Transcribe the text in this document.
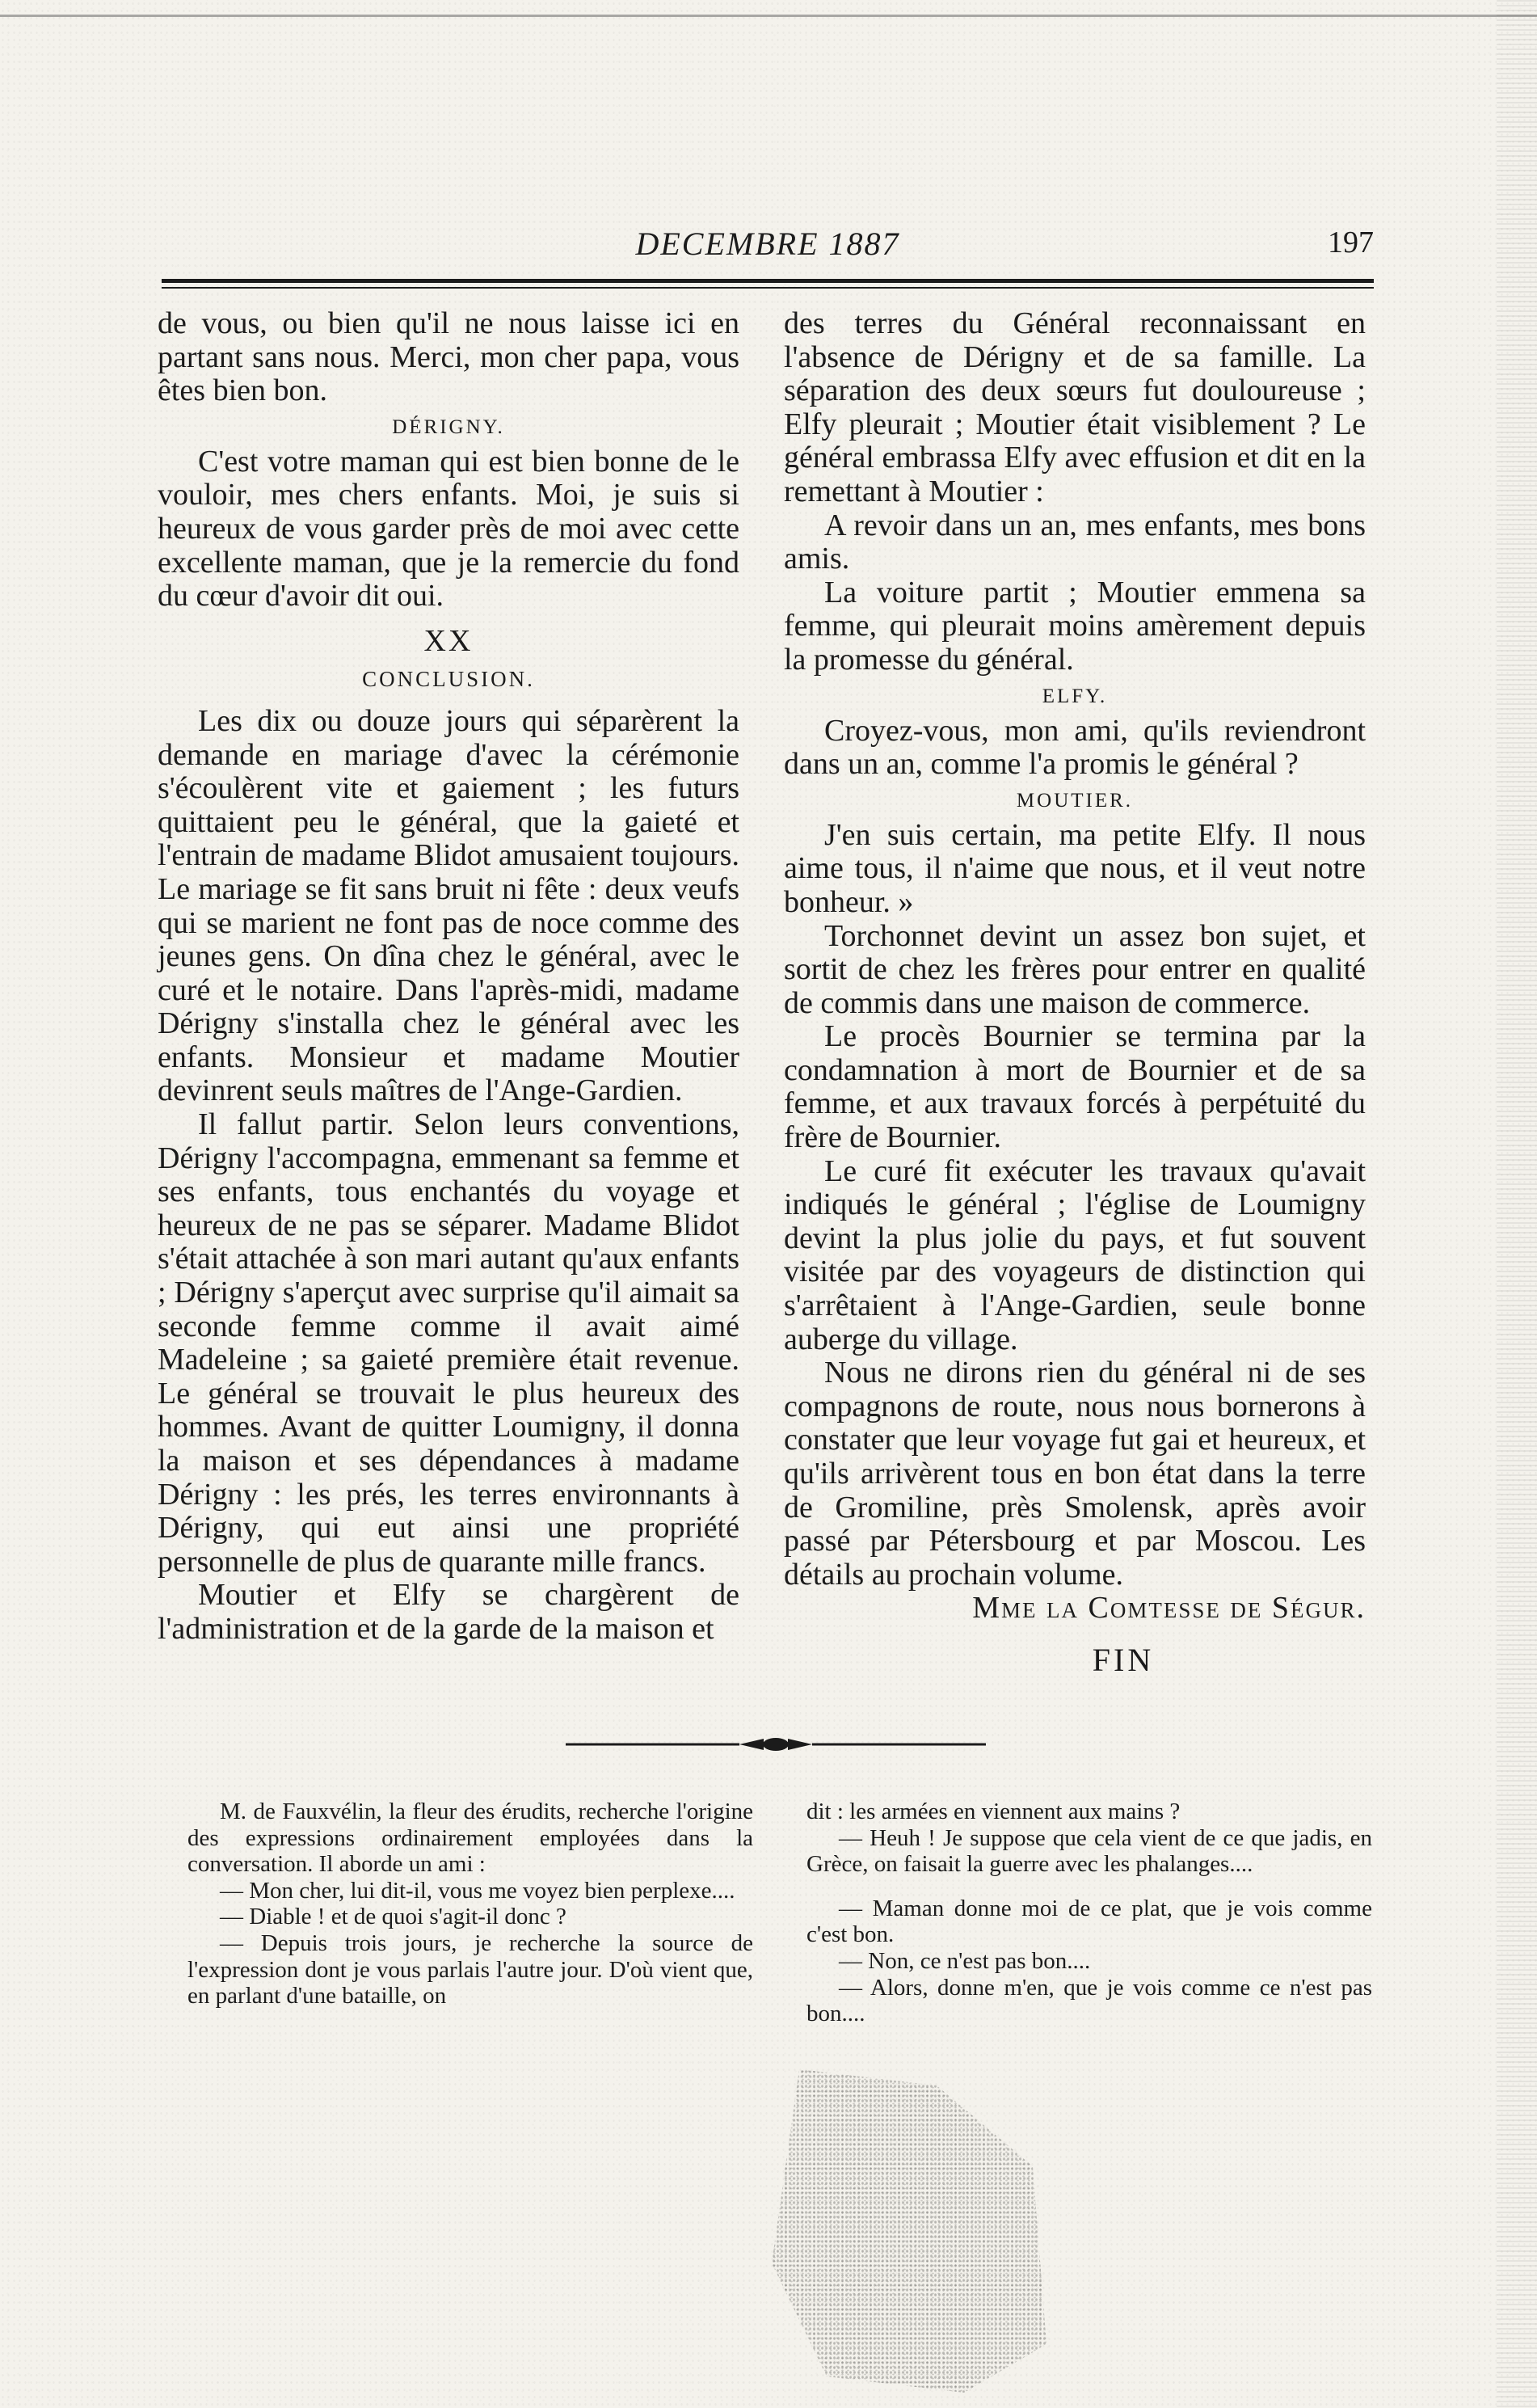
DECEMBRE 1887	197

de vous, ou bien qu'il ne nous laisse ici en partant sans nous. Merci, mon cher papa, vous êtes bien bon.

DÉRIGNY.

C'est votre maman qui est bien bonne de le vouloir, mes chers enfants. Moi, je suis si heureux de vous garder près de moi avec cette excellente maman, que je la remercie du fond du cœur d'avoir dit oui.

XX

CONCLUSION.

Les dix ou douze jours qui séparèrent la demande en mariage d'avec la cérémonie s'écoulèrent vite et gaiement ; les futurs quittaient peu le général, que la gaieté et l'entrain de madame Blidot amusaient toujours. Le mariage se fit sans bruit ni fête : deux veufs qui se marient ne font pas de noce comme des jeunes gens. On dîna chez le général, avec le curé et le notaire. Dans l'après-midi, madame Dérigny s'installa chez le général avec les enfants. Monsieur et madame Moutier devinrent seuls maîtres de l'Ange-Gardien.

Il fallut partir. Selon leurs conventions, Dérigny l'accompagna, emmenant sa femme et ses enfants, tous enchantés du voyage et heureux de ne pas se séparer. Madame Blidot s'était attachée à son mari autant qu'aux enfants ; Dérigny s'aperçut avec surprise qu'il aimait sa seconde femme comme il avait aimé Madeleine ; sa gaieté première était revenue. Le général se trouvait le plus heureux des hommes. Avant de quitter Loumigny, il donna la maison et ses dépendances à madame Dérigny : les prés, les terres environnants à Dérigny, qui eut ainsi une propriété personnelle de plus de quarante mille francs.

Moutier et Elfy se chargèrent de l'administration et de la garde de la maison et

des terres du Général reconnaissant en l'absence de Dérigny et de sa famille. La séparation des deux sœurs fut douloureuse ; Elfy pleurait ; Moutier était visiblement ? Le général embrassa Elfy avec effusion et dit en la remettant à Moutier :

A revoir dans un an, mes enfants, mes bons amis.

La voiture partit ; Moutier emmena sa femme, qui pleurait moins amèrement depuis la promesse du général.

ELFY.

Croyez-vous, mon ami, qu'ils reviendront dans un an, comme l'a promis le général ?

MOUTIER.

J'en suis certain, ma petite Elfy. Il nous aime tous, il n'aime que nous, et il veut notre bonheur. »

Torchonnet devint un assez bon sujet, et sortit de chez les frères pour entrer en qualité de commis dans une maison de commerce.

Le procès Bournier se termina par la condamnation à mort de Bournier et de sa femme, et aux travaux forcés à perpétuité du frère de Bournier.

Le curé fit exécuter les travaux qu'avait indiqués le général ; l'église de Loumigny devint la plus jolie du pays, et fut souvent visitée par des voyageurs de distinction qui s'arrêtaient à l'Ange-Gardien, seule bonne auberge du village.

Nous ne dirons rien du général ni de ses compagnons de route, nous nous bornerons à constater que leur voyage fut gai et heureux, et qu'ils arrivèrent tous en bon état dans la terre de Gromiline, près Smolensk, après avoir passé par Pétersbourg et par Moscou. Les détails au prochain volume.

Mme la Comtesse de Ségur.

FIN

M. de Fauxvélin, la fleur des érudits, recherche l'origine des expressions ordinairement employées dans la conversation. Il aborde un ami :

— Mon cher, lui dit-il, vous me voyez bien perplexe....

— Diable ! et de quoi s'agit-il donc ?

— Depuis trois jours, je recherche la source de l'expression dont je vous parlais l'autre jour. D'où vient que, en parlant d'une bataille, on

dit : les armées en viennent aux mains ?

— Heuh ! Je suppose que cela vient de ce que jadis, en Grèce, on faisait la guerre avec les phalanges....

— Maman donne moi de ce plat, que je vois comme c'est bon.

— Non, ce n'est pas bon....

— Alors, donne m'en, que je vois comme ce n'est pas bon....
